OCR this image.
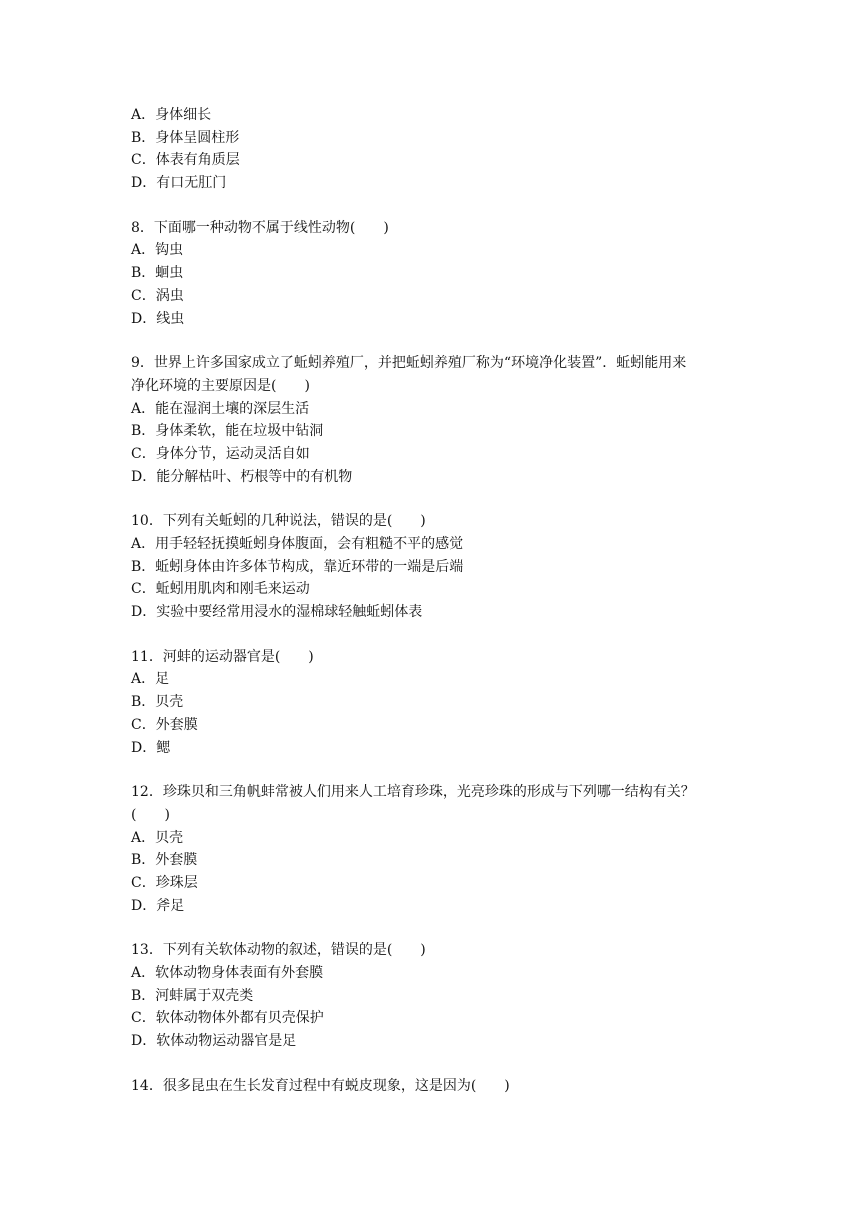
A．身体细长
B．身体呈圆柱形
C．体表有角质层
D．有口无肛门
8．下面哪一种动物不属于线性动物(　　)
A．钩虫
B．蛔虫
C．涡虫
D．线虫
9．世界上许多国家成立了蚯蚓养殖厂，并把蚯蚓养殖厂称为“环境净化装置”．蚯蚓能用来
净化环境的主要原因是(　　)
A．能在湿润土壤的深层生活
B．身体柔软，能在垃圾中钻洞
C．身体分节，运动灵活自如
D．能分解枯叶、朽根等中的有机物
10．下列有关蚯蚓的几种说法，错误的是(　　)
A．用手轻轻抚摸蚯蚓身体腹面，会有粗糙不平的感觉
B．蚯蚓身体由许多体节构成，靠近环带的一端是后端
C．蚯蚓用肌肉和刚毛来运动
D．实验中要经常用浸水的湿棉球轻触蚯蚓体表
11．河蚌的运动器官是(　　)
A．足
B．贝壳
C．外套膜
D．鳃
12．珍珠贝和三角帆蚌常被人们用来人工培育珍珠，光亮珍珠的形成与下列哪一结构有关？
(　　)
A．贝壳
B．外套膜
C．珍珠层
D．斧足
13．下列有关软体动物的叙述，错误的是(　　)
A．软体动物身体表面有外套膜
B．河蚌属于双壳类
C．软体动物体外都有贝壳保护
D．软体动物运动器官是足
14．很多昆虫在生长发育过程中有蜕皮现象，这是因为(　　)
